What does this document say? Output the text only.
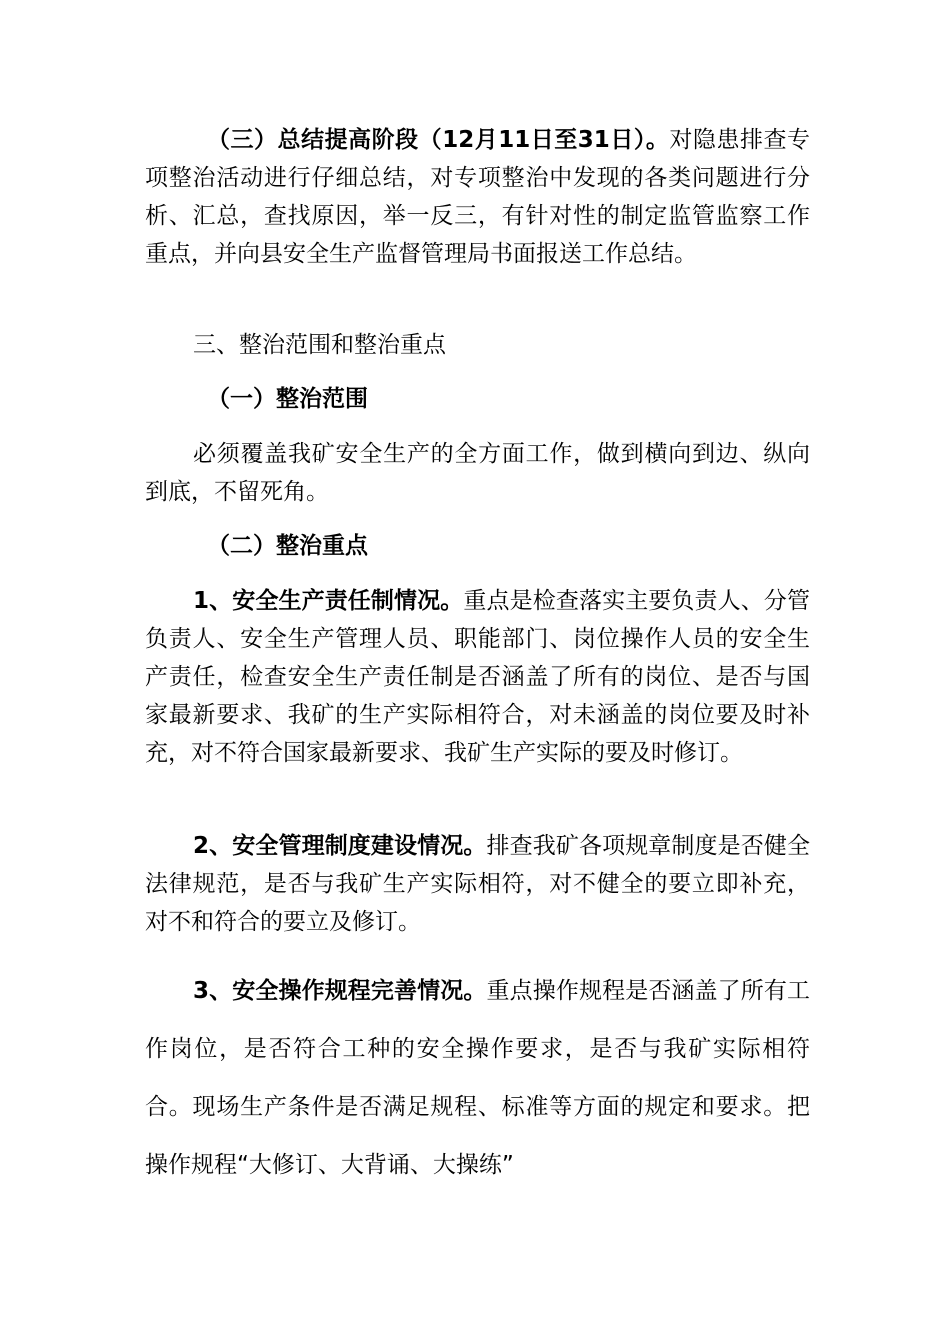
（三）总结提高阶段（12月11日至31日）。对隐患排查专项整治活动进行仔细总结，对专项整治中发现的各类问题进行分析、汇总，查找原因，举一反三，有针对性的制定监管监察工作重点，并向县安全生产监督管理局书面报送工作总结。

三、整治范围和整治重点

（一）整治范围

必须覆盖我矿安全生产的全方面工作，做到横向到边、纵向到底，不留死角。

（二）整治重点

1、安全生产责任制情况。重点是检查落实主要负责人、分管负责人、安全生产管理人员、职能部门、岗位操作人员的安全生产责任，检查安全生产责任制是否涵盖了所有的岗位、是否与国家最新要求、我矿的生产实际相符合，对未涵盖的岗位要及时补充，对不符合国家最新要求、我矿生产实际的要及时修订。

2、安全管理制度建设情况。排查我矿各项规章制度是否健全法律规范，是否与我矿生产实际相符，对不健全的要立即补充，对不和符合的要立及修订。

3、安全操作规程完善情况。重点操作规程是否涵盖了所有工作岗位，是否符合工种的安全操作要求，是否与我矿实际相符合。现场生产条件是否满足规程、标准等方面的规定和要求。把操作规程“大修订、大背诵、大操练”
